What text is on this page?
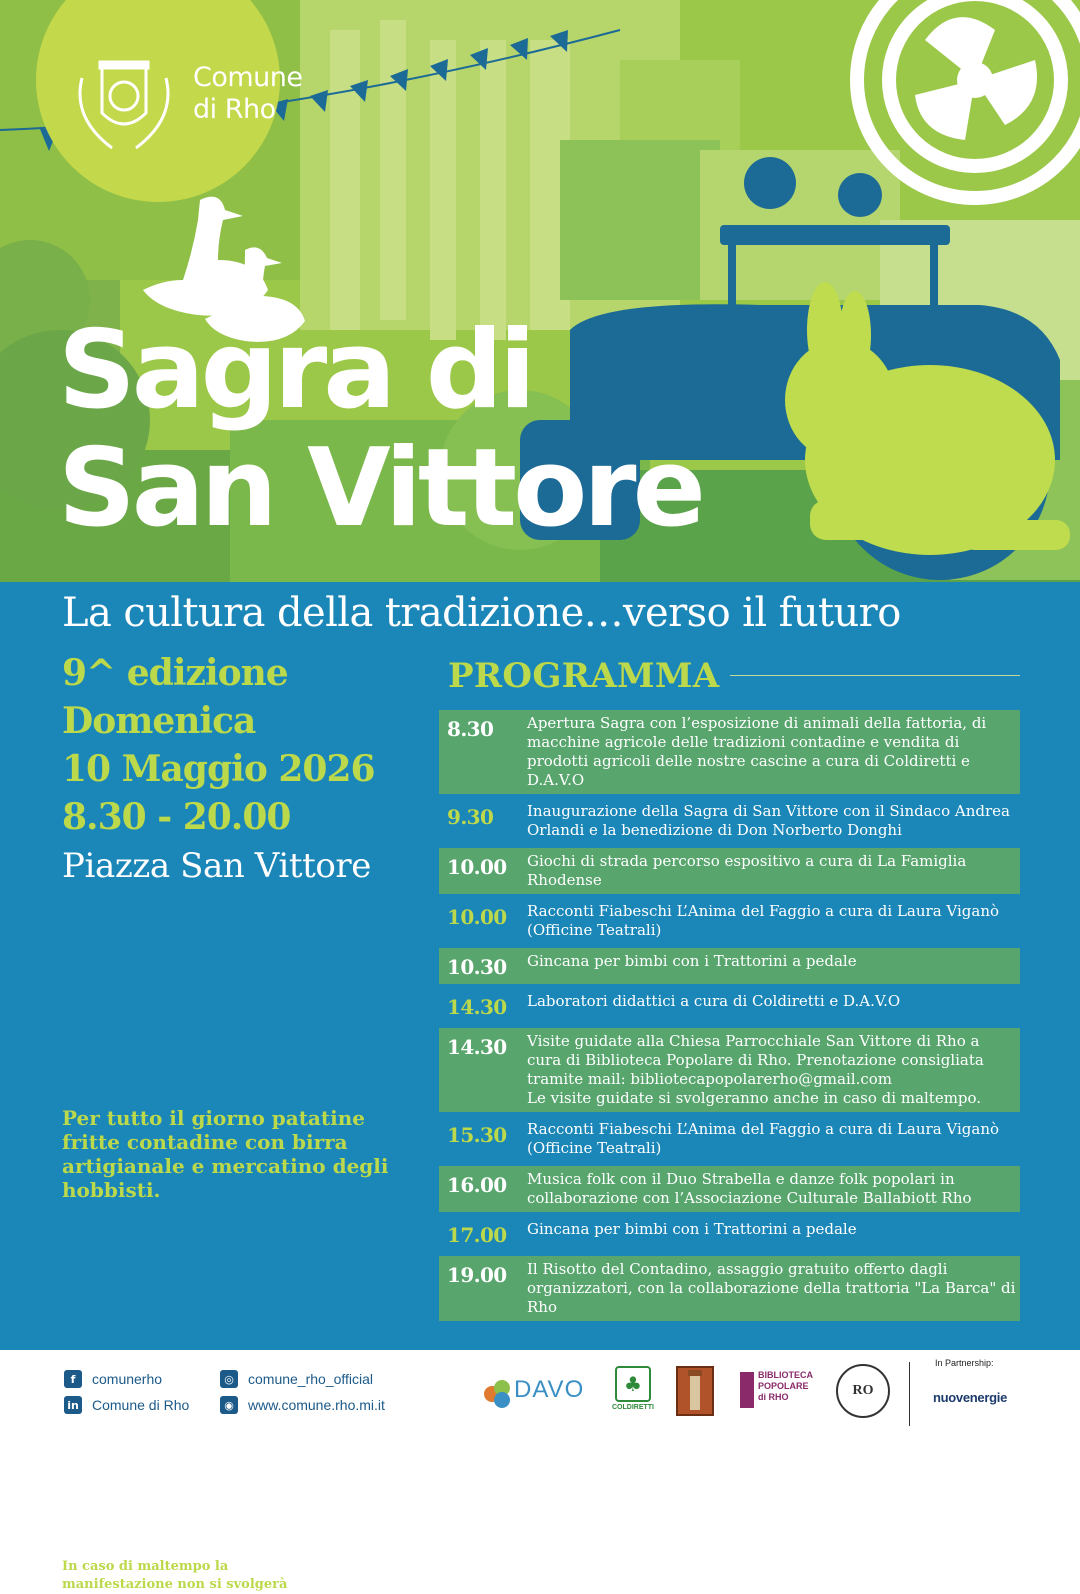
Comune
di Rho
Sagra di
San Vittore
La cultura della tradizione…verso il futuro
9^ edizione
Domenica
10 Maggio 2026
8.30 - 20.00
Piazza San Vittore
Per tutto il giorno patatine fritte contadine con birra artigianale e mercatino degli hobbisti.
In caso di maltempo la manifestazione non si svolgerà
PROGRAMMA
8.30	Apertura Sagra con l’esposizione di animali della fattoria, di macchine agricole delle tradizioni contadine e vendita di prodotti agricoli delle nostre cascine a cura di Coldiretti e D.A.V.O
9.30	Inaugurazione della Sagra di San Vittore con il Sindaco Andrea Orlandi e la benedizione di Don Norberto Donghi
10.00	Giochi di strada percorso espositivo a cura di La Famiglia Rhodense
10.00	Racconti Fiabeschi L’Anima del Faggio a cura di Laura Viganò (Officine Teatrali)
10.30	Gincana per bimbi con i Trattorini a pedale
14.30	Laboratori didattici a cura di Coldiretti e D.A.V.O
14.30	Visite guidate alla Chiesa Parrocchiale San Vittore di Rho a cura di Biblioteca Popolare di Rho. Prenotazione consigliata tramite mail: bibliotecapopolarerho@gmail.com
Le visite guidate si svolgeranno anche in caso di maltempo.
15.30	Racconti Fiabeschi L’Anima del Faggio a cura di Laura Viganò (Officine Teatrali)
16.00	Musica folk con il Duo Strabella e danze folk popolari in collaborazione con l’Associazione Culturale Ballabiott Rho
17.00	Gincana per bimbi con i Trattorini a pedale
19.00	Il Risotto del Contadino, assaggio gratuito offerto dagli organizzatori, con la collaborazione della trattoria "La Barca" di Rho
f	comunerho
in Comune di Rho
◎	comune_rho_official
◉	www.comune.rho.mi.it
DAVO	♣
COLDIRETTI
BIBLIOTECA
POPOLARE
di RHO	RO
In Partnership:
nuovenergie
